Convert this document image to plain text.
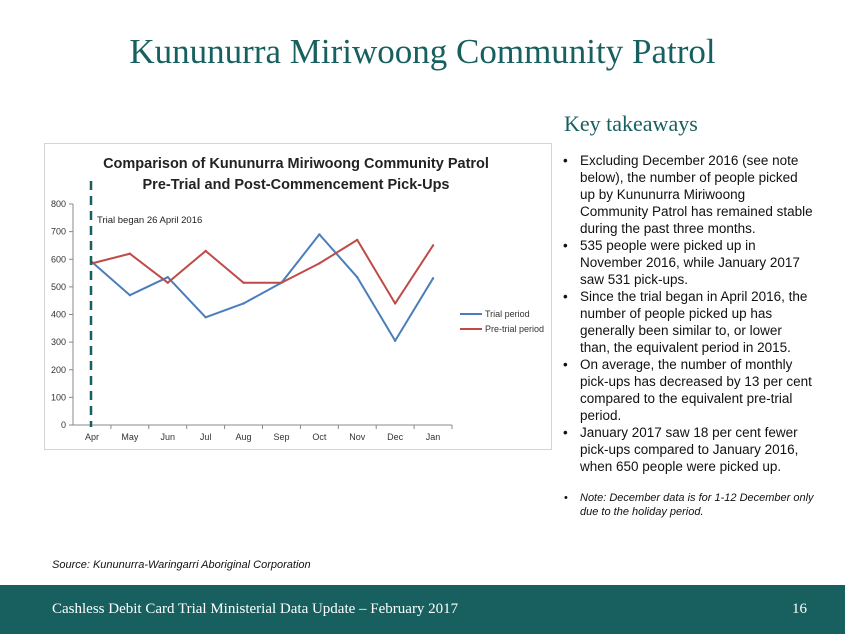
Kununurra Miriwoong Community Patrol
Comparison of Kununurra Miriwoong Community Patrol
Pre-Trial and Post-Commencement Pick-Ups
0
100
200
300
400
500
600
700
800
Apr May Jun	Jul	Aug Sep	Oct	Nov Dec	Jan
Trial began 26 April 2016
Trial period
Pre-trial period
Key takeaways
• Excluding December 2016 (see note below), the number of people picked up by Kununurra Miriwoong Community Patrol has remained stable during the past three months.
• 535 people were picked up in November 2016, while January 2017 saw 531 pick-ups.
• Since the trial began in April 2016, the number of people picked up has generally been similar to, or lower than, the equivalent period in 2015.
• On average, the number of monthly pick-ups has decreased by 13 per cent compared to the equivalent pre-trial period.
• January 2017 saw 18 per cent fewer pick-ups compared to January 2016, when 650 people were picked up.
• Note: December data is for 1-12 December only due to the holiday period.
Source: Kununurra-Waringarri Aboriginal Corporation
Cashless Debit Card Trial Ministerial Data Update – February 2017	16
